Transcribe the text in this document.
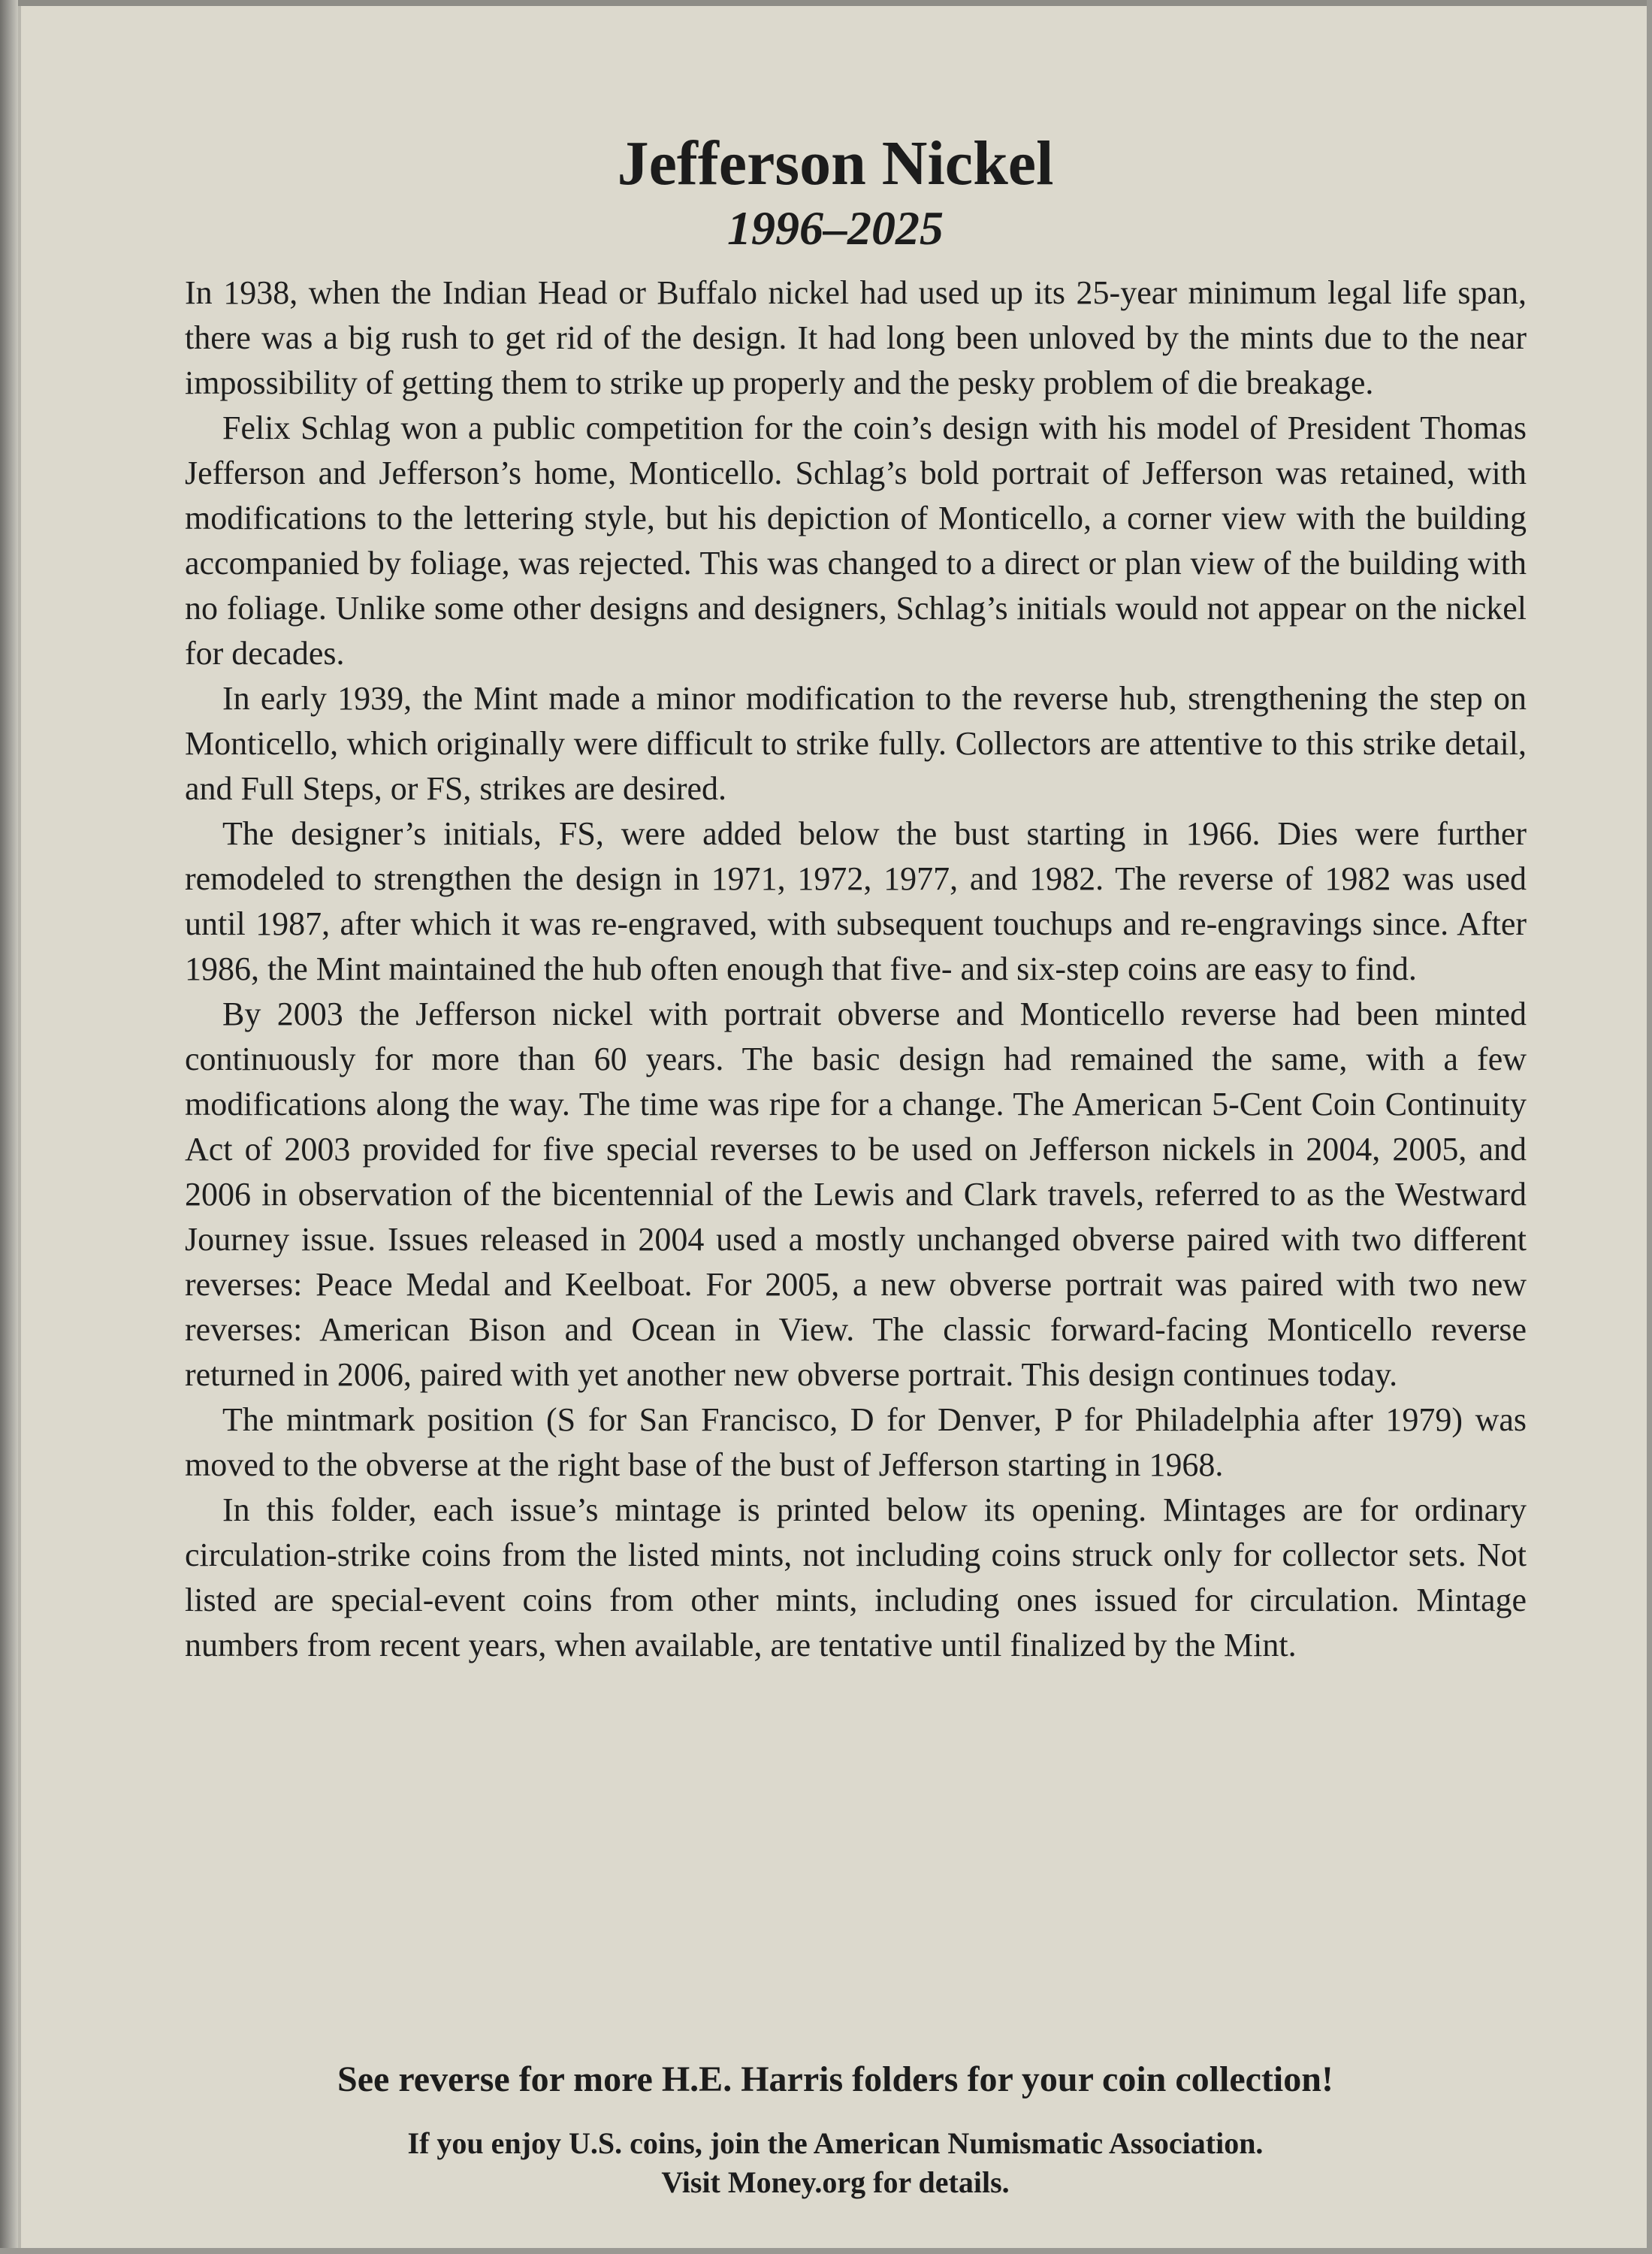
Jefferson Nickel
1996–2025

In 1938, when the Indian Head or Buffalo nickel had used up its 25-year minimum legal life span, there was a big rush to get rid of the design. It had long been unloved by the mints due to the near impossibility of getting them to strike up properly and the pesky problem of die breakage.

Felix Schlag won a public competition for the coin’s design with his model of President Thomas Jefferson and Jefferson’s home, Monticello. Schlag’s bold portrait of Jefferson was retained, with modifications to the lettering style, but his depiction of Monticello, a corner view with the building accompanied by foliage, was rejected. This was changed to a direct or plan view of the building with no foliage. Unlike some other designs and designers, Schlag’s initials would not appear on the nickel for decades.

In early 1939, the Mint made a minor modification to the reverse hub, strengthening the step on Monticello, which originally were difficult to strike fully. Collectors are attentive to this strike detail, and Full Steps, or FS, strikes are desired.

The designer’s initials, FS, were added below the bust starting in 1966. Dies were further remodeled to strengthen the design in 1971, 1972, 1977, and 1982. The reverse of 1982 was used until 1987, after which it was re-engraved, with subsequent touchups and re-engravings since. After 1986, the Mint maintained the hub often enough that five- and six-step coins are easy to find.

By 2003 the Jefferson nickel with portrait obverse and Monticello reverse had been minted continuously for more than 60 years. The basic design had remained the same, with a few modifications along the way. The time was ripe for a change. The American 5-Cent Coin Continuity Act of 2003 provided for five special reverses to be used on Jefferson nickels in 2004, 2005, and 2006 in observation of the bicentennial of the Lewis and Clark travels, referred to as the Westward Journey issue. Issues released in 2004 used a mostly unchanged obverse paired with two different reverses: Peace Medal and Keelboat. For 2005, a new obverse portrait was paired with two new reverses: American Bison and Ocean in View. The classic forward-facing Monticello reverse returned in 2006, paired with yet another new obverse portrait. This design continues today.

The mintmark position (S for San Francisco, D for Denver, P for Philadelphia after 1979) was moved to the obverse at the right base of the bust of Jefferson starting in 1968.

In this folder, each issue’s mintage is printed below its opening. Mintages are for ordinary circulation-strike coins from the listed mints, not including coins struck only for collector sets. Not listed are special-event coins from other mints, including ones issued for circulation. Mintage numbers from recent years, when available, are tentative until finalized by the Mint.

See reverse for more H.E. Harris folders for your coin collection!
If you enjoy U.S. coins, join the American Numismatic Association.
Visit Money.org for details.
